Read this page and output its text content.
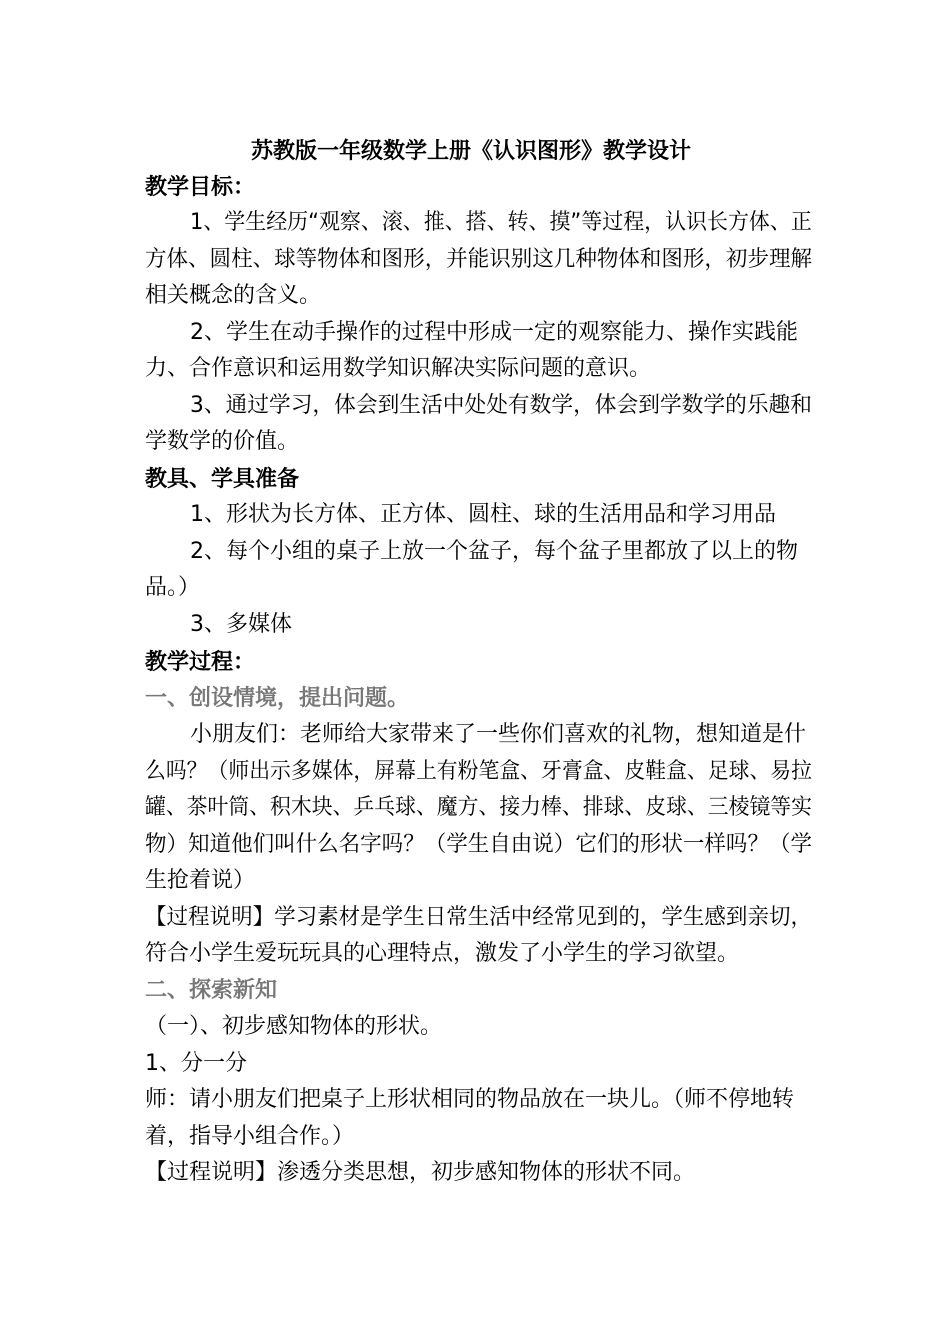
苏教版一年级数学上册《认识图形》教学设计
教学目标：
1、学生经历“观察、滚、推、搭、转、摸”等过程，认识长方体、正
方体、圆柱、球等物体和图形，并能识别这几种物体和图形，初步理解
相关概念的含义。
2、学生在动手操作的过程中形成一定的观察能力、操作实践能
力、合作意识和运用数学知识解决实际问题的意识。
3、通过学习，体会到生活中处处有数学，体会到学数学的乐趣和
学数学的价值。
教具、学具准备
1、形状为长方体、正方体、圆柱、球的生活用品和学习用品
2、每个小组的桌子上放一个盆子，每个盆子里都放了以上的物
品。）
3、多媒体
教学过程：
一、创设情境，提出问题。
小朋友们：老师给大家带来了一些你们喜欢的礼物，想知道是什
么吗？（师出示多媒体，屏幕上有粉笔盒、牙膏盒、皮鞋盒、足球、易拉
罐、茶叶筒、积木块、乒乓球、魔方、接力棒、排球、皮球、三棱镜等实
物）知道他们叫什么名字吗？（学生自由说）它们的形状一样吗？（学
生抢着说）
【过程说明】学习素材是学生日常生活中经常见到的，学生感到亲切，
符合小学生爱玩玩具的心理特点，激发了小学生的学习欲望。
二、探索新知
（一）、初步感知物体的形状。
1、分一分
师：请小朋友们把桌子上形状相同的物品放在一块儿。（师不停地转
着，指导小组合作。）
【过程说明】渗透分类思想，初步感知物体的形状不同。
